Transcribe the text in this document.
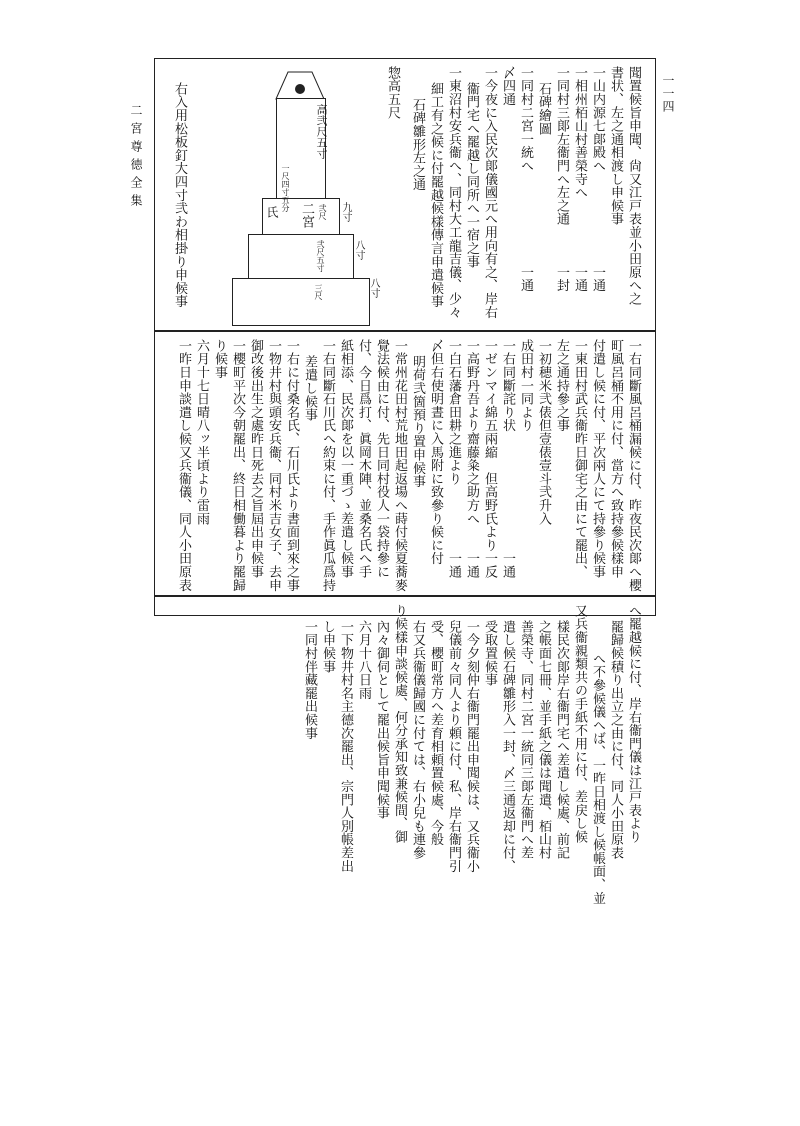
二宮尊徳全集
一一四
聞置候旨申聞、尙又江戸表並小田原へ之
書状、左之通相渡し申候事
一山内源七郞殿へ　　　　　　　一通
一相州栢山村善榮寺へ　　　　　一通
一同村三郞左衞門へ左之通　　　一封
石碑繪圖
一同村二宮一統へ　　　　　　　一通
〆四通
一今夜に入民次郞儀國元へ用向有之、岸右
衞門宅へ罷越し同所へ一宿之事
一東沼村安兵衞へ、同村大工龍吉儀、少々
細工有之候に付罷越候樣傳言申遣候事
石碑雛形左之通
惣高五尺
高弐尺五寸
一尺四寸五分
氏 二宮 弐尺 九寸
弐尺五寸	八寸
三尺	八寸
右入用松板釘大四寸弐わ相掛り申候事
一右同斷風呂桶漏候に付、昨夜民次郞へ櫻
町風呂桶不用に付、當方へ致持參候樣申
付遣し候に付、平次兩人にて持參り候事
一東田村武兵衞昨日御宅之由にて罷出、
左之通持參之事
一初穂米弐俵但壹俵壹斗弐升入
成田村一同より
一右同斷詫り状　　　　　　　　　一通
一ゼンマイ綿五兩縮　但高野氏より一反
一高野丹吾より齋藤粂之助方へ　　一通
一白石藩倉田耕之進より　　　　　一通
〆但右使明晝に入馬附に致參り候に付
明荷弐箇預り置申候事
一常州花田村荒地田起返場へ蒔付候夏蕎麥
覺法候由に付、先日同村役人一袋持參に
付、今日爲打、眞岡木陣、並桑名氏へ手
紙相添、民次郞を以一重づゝ差遣し候事
一右同斷石川氏へ約束に付、手作眞瓜爲持
差遣し候事
一右に付桑名氏、石川氏より書面到來之事
一物井村與頭安兵衞、同村米吉女子、去申
御改後出生之處昨日死去之旨屆出申候事
一櫻町平次今朝罷出、終日相働暮より罷歸
り候事
六月十七日晴八ッ半頃より雷雨
一昨日申談遣し候又兵衞儀、同人小田原表
へ罷越候に付、岸右衞門儀は江戸表より
罷歸候積り出立之由に付、同人小田原表
へ不參候儀へば、一昨日相渡し候帳面、並
又兵衞親類共の手紙不用に付、差戻し候
樣民次郞岸右衞門宅へ差遣し候處、前記
之帳面七冊、並手紙之儀は聞遣、栢山村
善榮寺、同村二宮一統同三郞左衞門へ差
遣し候石碑雛形入一封、〆三通返却に付、
受取置候事
一今夕刻仲右衞門罷出申聞候は、又兵衞小
兒儀前々同人より頼に付、私、岸右衞門引
受、櫻町常方へ差育相頼置候處、今般
右又兵衞儀歸國に付ては、右小兒も連參
り候樣申談候處、何分承知致兼候間、御
內々御伺として罷出候旨申聞候事
六月十八日雨
一下物井村名主德次罷出、宗門人別帳差出
し申候事
一同村伴藏罷出候事
